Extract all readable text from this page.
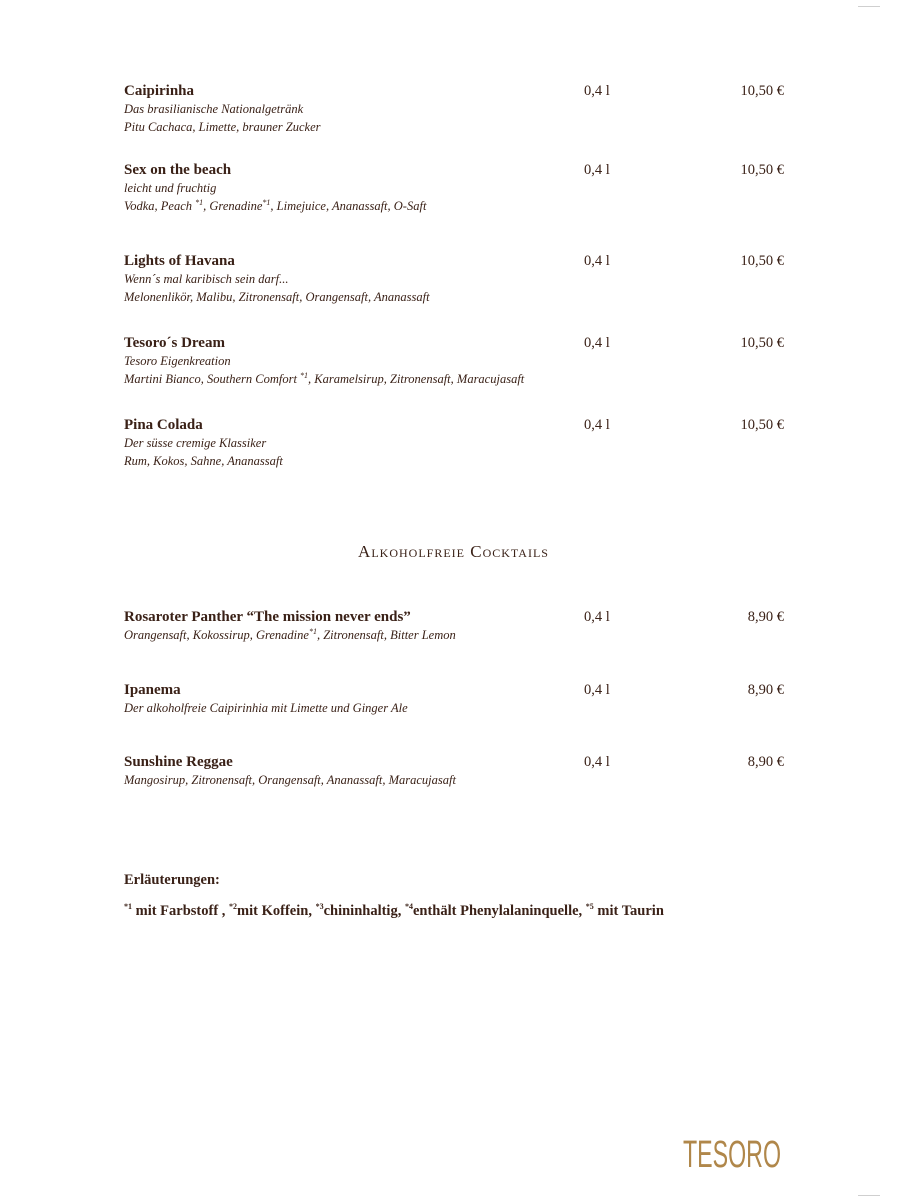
Caipirinha
Das brasilianische Nationalgetränk
Pitu Cachaca, Limette, brauner Zucker
0,4 l	10,50 €
Sex on the beach
leicht und fruchtig
Vodka, Peach $^{*1}$, Grenadine$^{*1}$, Limejuice, Ananassaft, O-Saft
0,4 l	10,50 €
Lights of Havana
Wenn´s mal karibisch sein darf...
Melonenlikör, Malibu, Zitronensaft, Orangensaft, Ananassaft
0,4 l	10,50 €
Tesoro´s Dream
Tesoro Eigenkreation
Martini Bianco, Southern Comfort $^{*1}$, Karamelsirup, Zitronensaft, Maracujasaft
0,4 l	10,50 €
Pina Colada
Der süsse cremige Klassiker
Rum, Kokos, Sahne, Ananassaft
0,4 l	10,50 €
Alkoholfreie Cocktails
Rosaroter Panther “The mission never ends”
Orangensaft, Kokossirup, Grenadine$^{*1}$, Zitronensaft, Bitter Lemon
0,4 l	8,90 €
Ipanema
Der alkoholfreie Caipirinhia mit Limette und Ginger Ale
0,4 l	8,90 €
Sunshine Reggae
Mangosirup, Zitronensaft, Orangensaft, Ananassaft, Maracujasaft
0,4 l	8,90 €
Erläuterungen:
$^{*1}$ mit Farbstoff , $^{*2}$mit Koffein, $^{*3}$chininhaltig, $^{*4}$enthält Phenylalaninquelle, $^{*5}$ mit Taurin
TESORO
